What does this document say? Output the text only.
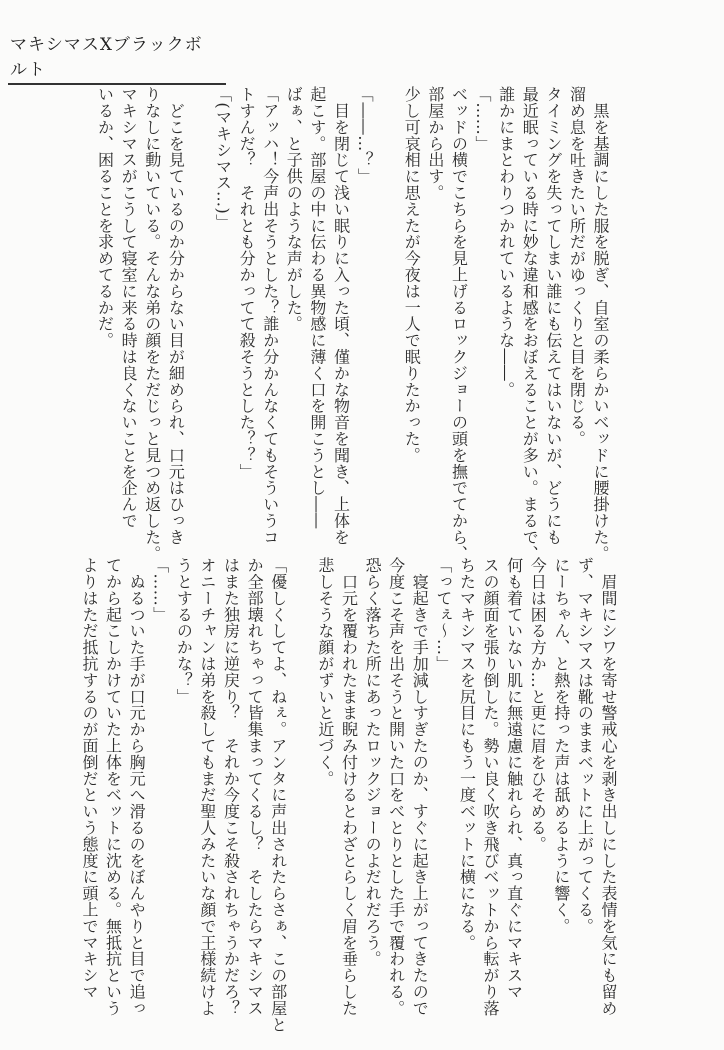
マキシマスXブラックボルト
　黒を基調にした服を脱ぎ、自室の柔らかいベッドに腰掛けた。
溜め息を吐きたい所だがゆっくりと目を閉じる。
タイミングを失ってしまい誰にも伝えてはいないが、どうにも
最近眠っている時に妙な違和感をおぼえることが多い。まるで、
誰かにまとわりつかれているような――。
「……」
ベッドの横でこちらを見上げるロックジョーの頭を撫でてから、
部屋から出す。
少し可哀相に思えたが今夜は一人で眠りたかった。
「――…？」
　目を閉じて浅い眠りに入った頃、僅かな物音を聞き、上体を
起こす。部屋の中に伝わる異物感に薄く口を開こうとし――
ばぁ、と子供のような声がした。
「アッハ！今声出そうとした？誰か分かんなくてもそういうコ
トすんだ？　それとも分かってて殺そうとした？？」
「(マキシマス…)」
　どこを見ているのか分からない目が細められ、口元はひっき
りなしに動いている。そんな弟の顔をただじっと見つめ返した。
マキシマスがこうして寝室に来る時は良くないことを企んで
いるか、困ることを求めてるかだ。
　眉間にシワを寄せ警戒心を剥き出しにした表情を気にも留め
ず、マキシマスは靴のままベットに上がってくる。
にーちゃん、と熱を持った声は舐めるように響く。
今日は困る方か…と更に眉をひそめる。
何も着ていない肌に無遠慮に触れられ、真っ直ぐにマキスマ
スの顔面を張り倒した。勢い良く吹き飛びベットから転がり落
ちたマキシマスを尻目にもう一度ベットに横になる。
「ってぇ～…」
　寝起きで手加減しすぎたのか、すぐに起き上がってきたので
今度こそ声を出そうと開いた口をべとりとした手で覆われる。
恐らく落ちた所にあったロックジョーのよだれだろう。
　口元を覆われたまま睨み付けるとわざとらしく眉を垂らした
悲しそうな顔がずいと近づく。
「優しくしてよ、ねぇ。アンタに声出されたらさぁ、この部屋と
か全部壊れちゃって皆集まってくるし？　そしたらマキシマス
はまた独房に逆戻り？　それか今度こそ殺されちゃうかだろ？
オニーチャンは弟を殺してもまだ聖人みたいな顔で王様続けよ
うとするのかな？」
「……」
　ぬるついた手が口元から胸元へ滑るのをぼんやりと目で追っ
てから起こしかけていた上体をベットに沈める。無抵抗という
よりはただ抵抗するのが面倒だという態度に頭上でマキシマ
